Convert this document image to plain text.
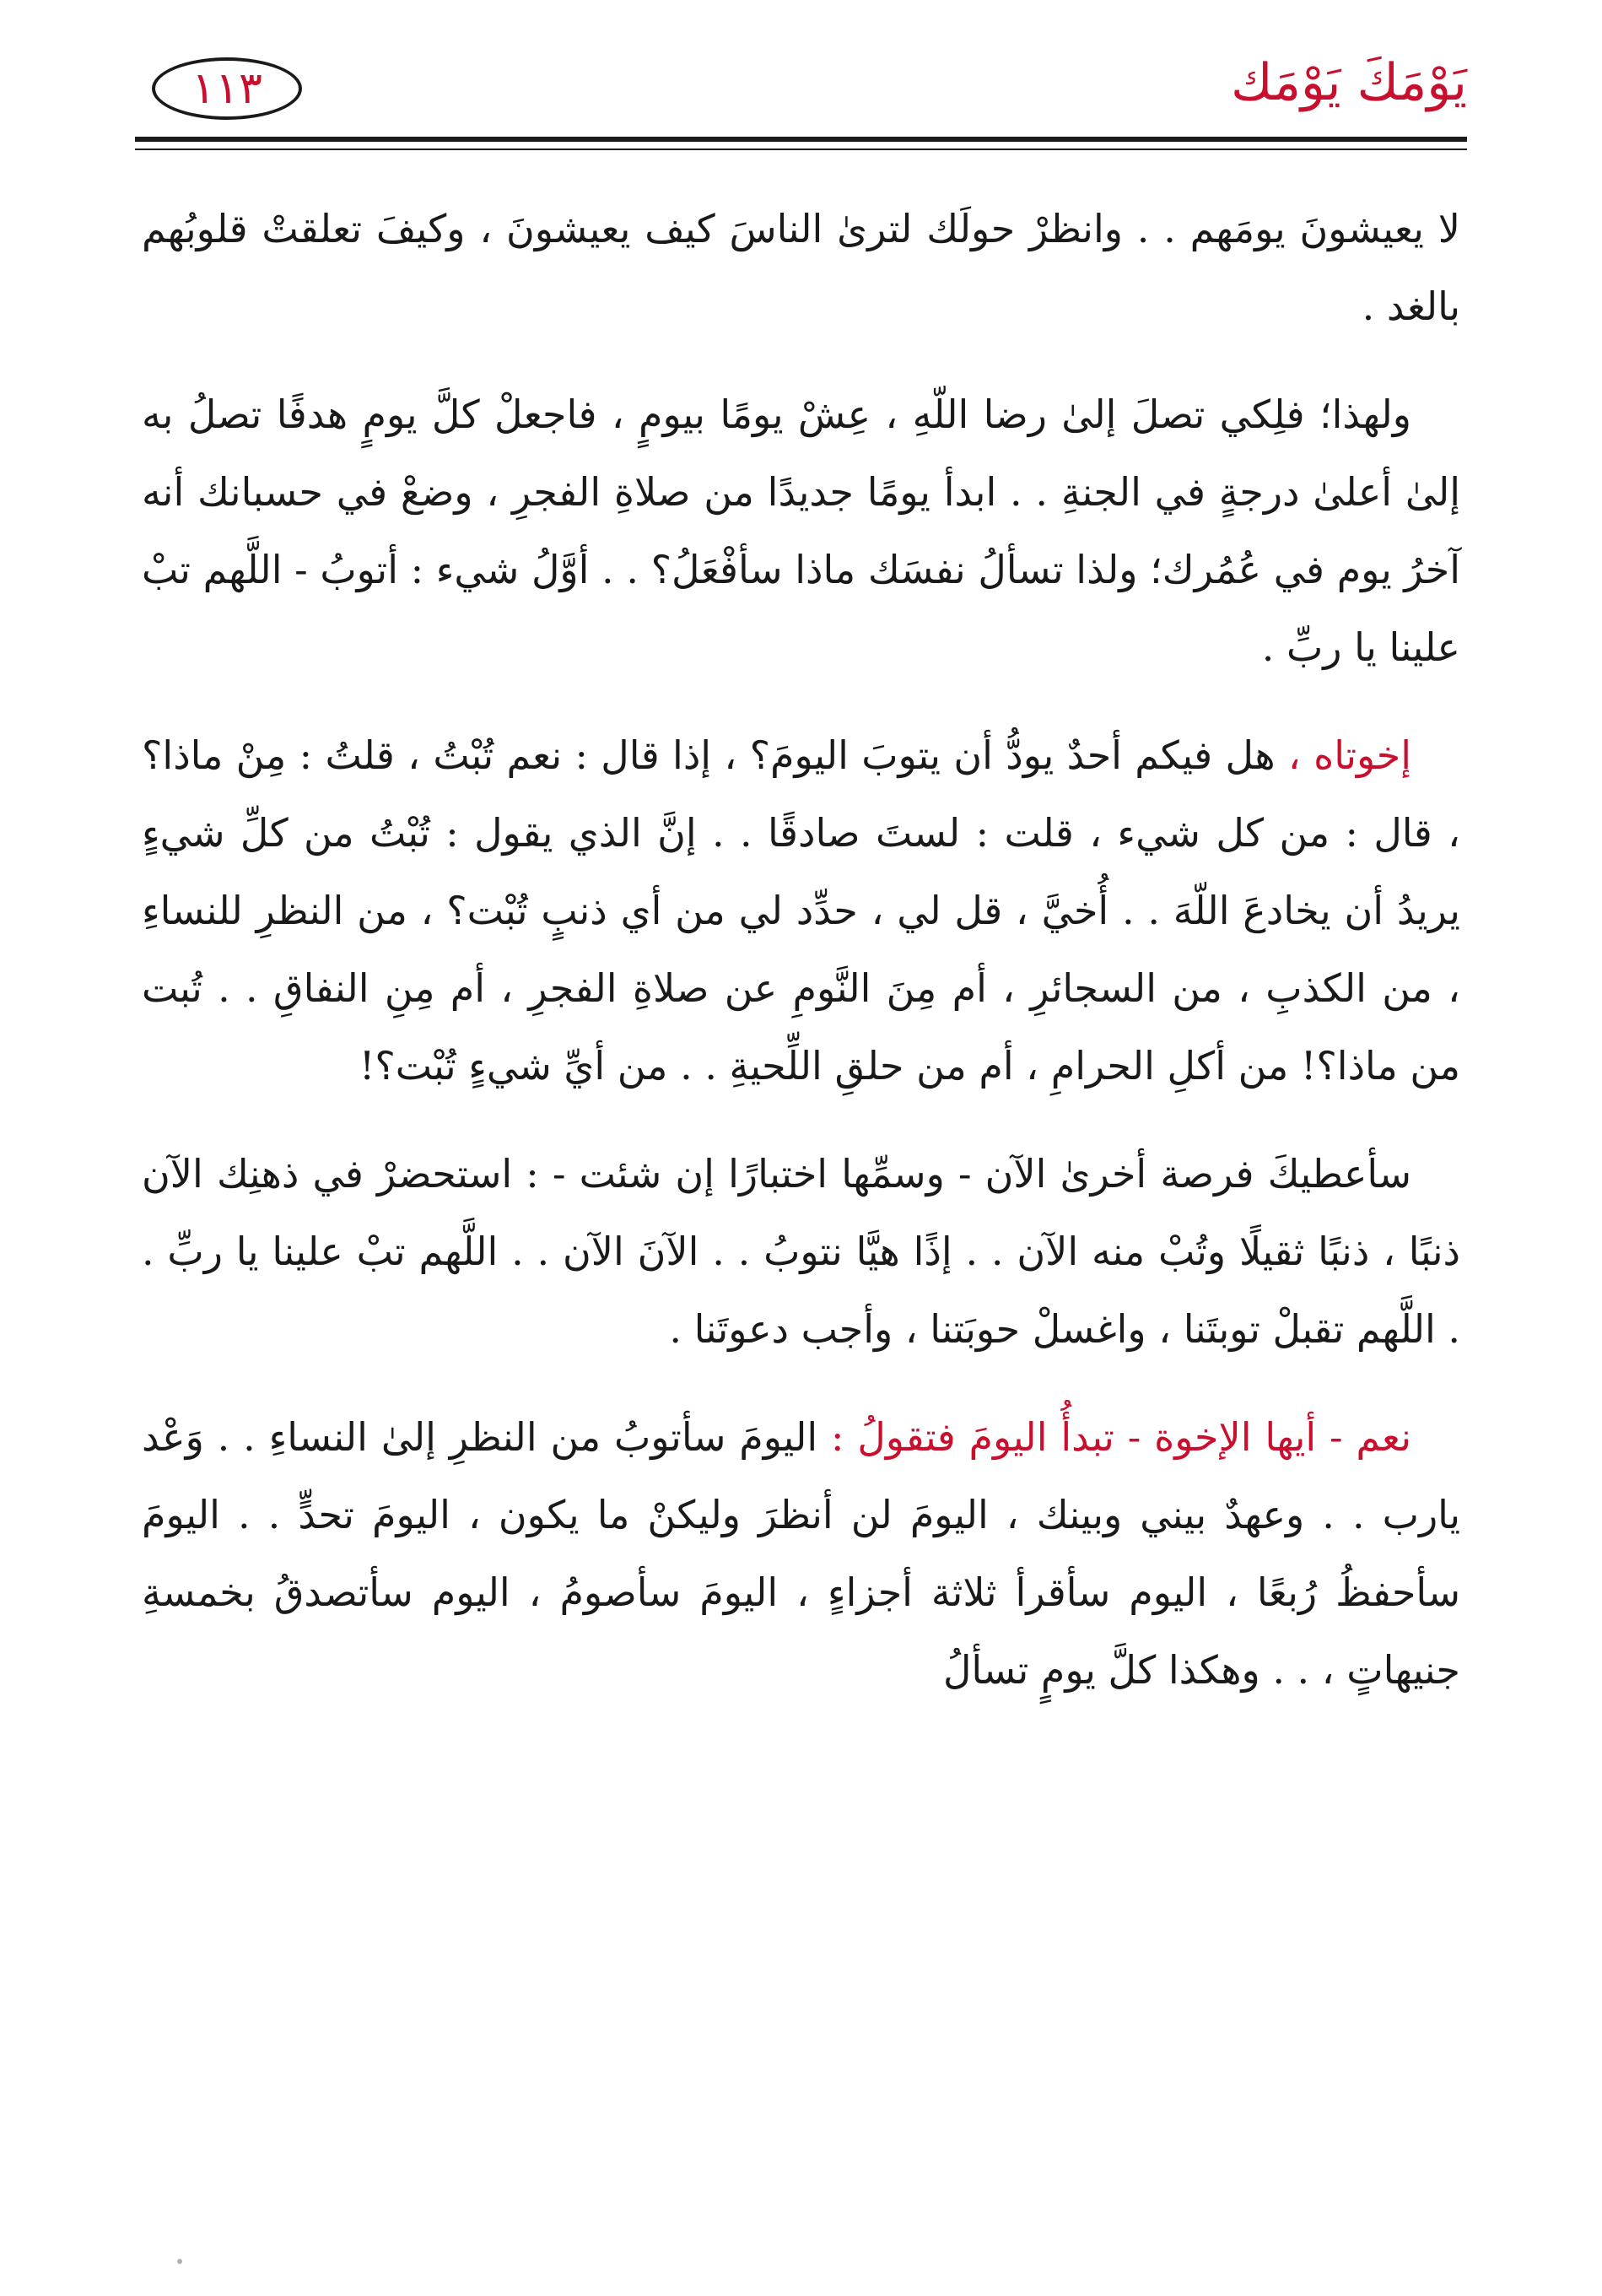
يَوْمَكَ يَوْمَك
١١٣

لا يعيشونَ يومَهم . . وانظرْ حولَك لترىٰ الناسَ كيف يعيشونَ ، وكيفَ تعلقتْ قلوبُهم بالغد .

ولهذا؛ فلِكي تصلَ إلىٰ رضا اللّهِ ، عِشْ يومًا بيومٍ ، فاجعلْ كلَّ يومٍ هدفًا تصلُ به إلىٰ أعلىٰ درجةٍ في الجنةِ . . ابدأ يومًا جديدًا من صلاةِ الفجرِ ، وضعْ في حسبانك أنه آخرُ يوم في عُمُرك؛ ولذا تسألُ نفسَك ماذا سأفْعَلُ؟ . . أوَّلُ شيء : أتوبُ - اللَّهم تبْ علينا يا ربِّ .

إخوتاه ، هل فيكم أحدٌ يودُّ أن يتوبَ اليومَ؟ ، إذا قال : نعم تُبْتُ ، قلتُ : مِنْ ماذا؟ ، قال : من كل شيء ، قلت : لستَ صادقًا . . إنَّ الذي يقول : تُبْتُ من كلِّ شيءٍ يريدُ أن يخادعَ اللّهَ . . أُخيَّ ، قل لي ، حدِّد لي من أي ذنبٍ تُبْت؟ ، من النظرِ للنساءِ ، من الكذبِ ، من السجائرِ ، أم مِنَ النَّومِ عن صلاةِ الفجرِ ، أم مِنِ النفاقِ . . تُبت من ماذا؟! من أكلِ الحرامِ ، أم من حلقِ اللِّحيةِ . . من أيِّ شيءٍ تُبْت؟!

سأعطيكَ فرصة أخرىٰ الآن - وسمِّها اختبارًا إن شئت - : استحضرْ في ذهنِك الآن ذنبًا ، ذنبًا ثقيلًا وتُبْ منه الآن . . إذًا هيَّا نتوبُ . . الآنَ الآن . . اللَّهم تبْ علينا يا ربِّ . . اللَّهم تقبلْ توبتَنا ، واغسلْ حوبَتنا ، وأجب دعوتَنا .

نعم - أيها الإخوة - تبدأُ اليومَ فتقولُ : اليومَ سأتوبُ من النظرِ إلىٰ النساءِ . . وَعْد يارب . . وعهدٌ بيني وبينك ، اليومَ لن أنظرَ وليكنْ ما يكون ، اليومَ تحدٍّ . . اليومَ سأحفظُ رُبعًا ، اليوم سأقرأ ثلاثة أجزاءٍ ، اليومَ سأصومُ ، اليوم سأتصدقُ بخمسةِ جنيهاتٍ ، . . وهكذا كلَّ يومٍ تسألُ
